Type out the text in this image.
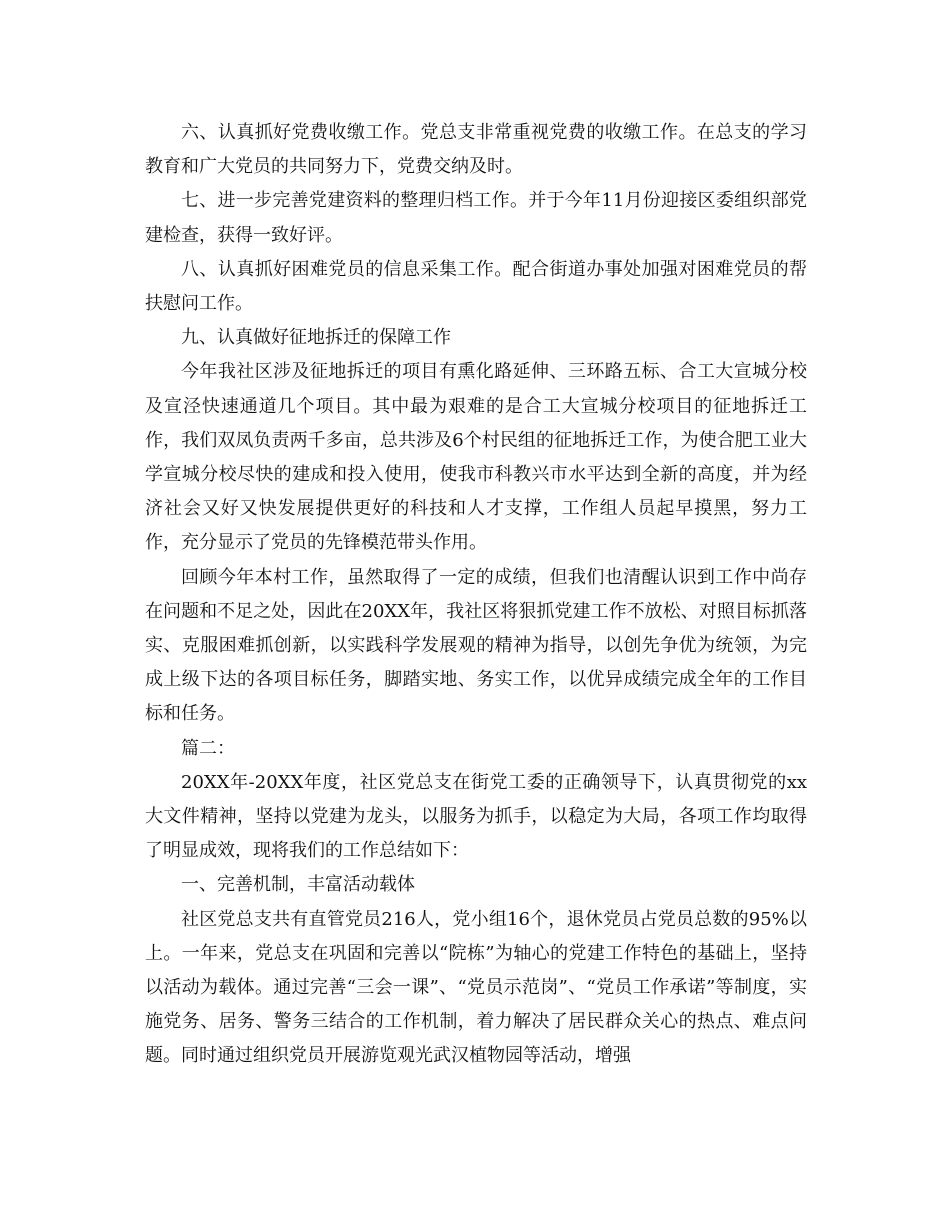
六、认真抓好党费收缴工作。党总支非常重视党费的收缴工作。在总支的学习教育和广大党员的共同努力下，党费交纳及时。

七、进一步完善党建资料的整理归档工作。并于今年11月份迎接区委组织部党建检查，获得一致好评。

八、认真抓好困难党员的信息采集工作。配合街道办事处加强对困难党员的帮扶慰问工作。

九、认真做好征地拆迁的保障工作

今年我社区涉及征地拆迁的项目有熏化路延伸、三环路五标、合工大宣城分校及宣泾快速通道几个项目。其中最为艰难的是合工大宣城分校项目的征地拆迁工作，我们双凤负责两千多亩，总共涉及6个村民组的征地拆迁工作，为使合肥工业大学宣城分校尽快的建成和投入使用，使我市科教兴市水平达到全新的高度，并为经济社会又好又快发展提供更好的科技和人才支撑，工作组人员起早摸黑，努力工作，充分显示了党员的先锋模范带头作用。

回顾今年本村工作，虽然取得了一定的成绩，但我们也清醒认识到工作中尚存在问题和不足之处，因此在20XX年，我社区将狠抓党建工作不放松、对照目标抓落实、克服困难抓创新，以实践科学发展观的精神为指导，以创先争优为统领，为完成上级下达的各项目标任务，脚踏实地、务实工作，以优异成绩完成全年的工作目标和任务。

篇二：

20XX年-20XX年度，社区党总支在街党工委的正确领导下，认真贯彻党的xx大文件精神，坚持以党建为龙头，以服务为抓手，以稳定为大局，各项工作均取得了明显成效，现将我们的工作总结如下：

一、完善机制，丰富活动载体

社区党总支共有直管党员216人，党小组16个，退休党员占党员总数的95%以上。一年来，党总支在巩固和完善以“院栋”为轴心的党建工作特色的基础上，坚持以活动为载体。通过完善“三会一课”、“党员示范岗”、“党员工作承诺”等制度，实施党务、居务、警务三结合的工作机制，着力解决了居民群众关心的热点、难点问题。同时通过组织党员开展游览观光武汉植物园等活动，增强
